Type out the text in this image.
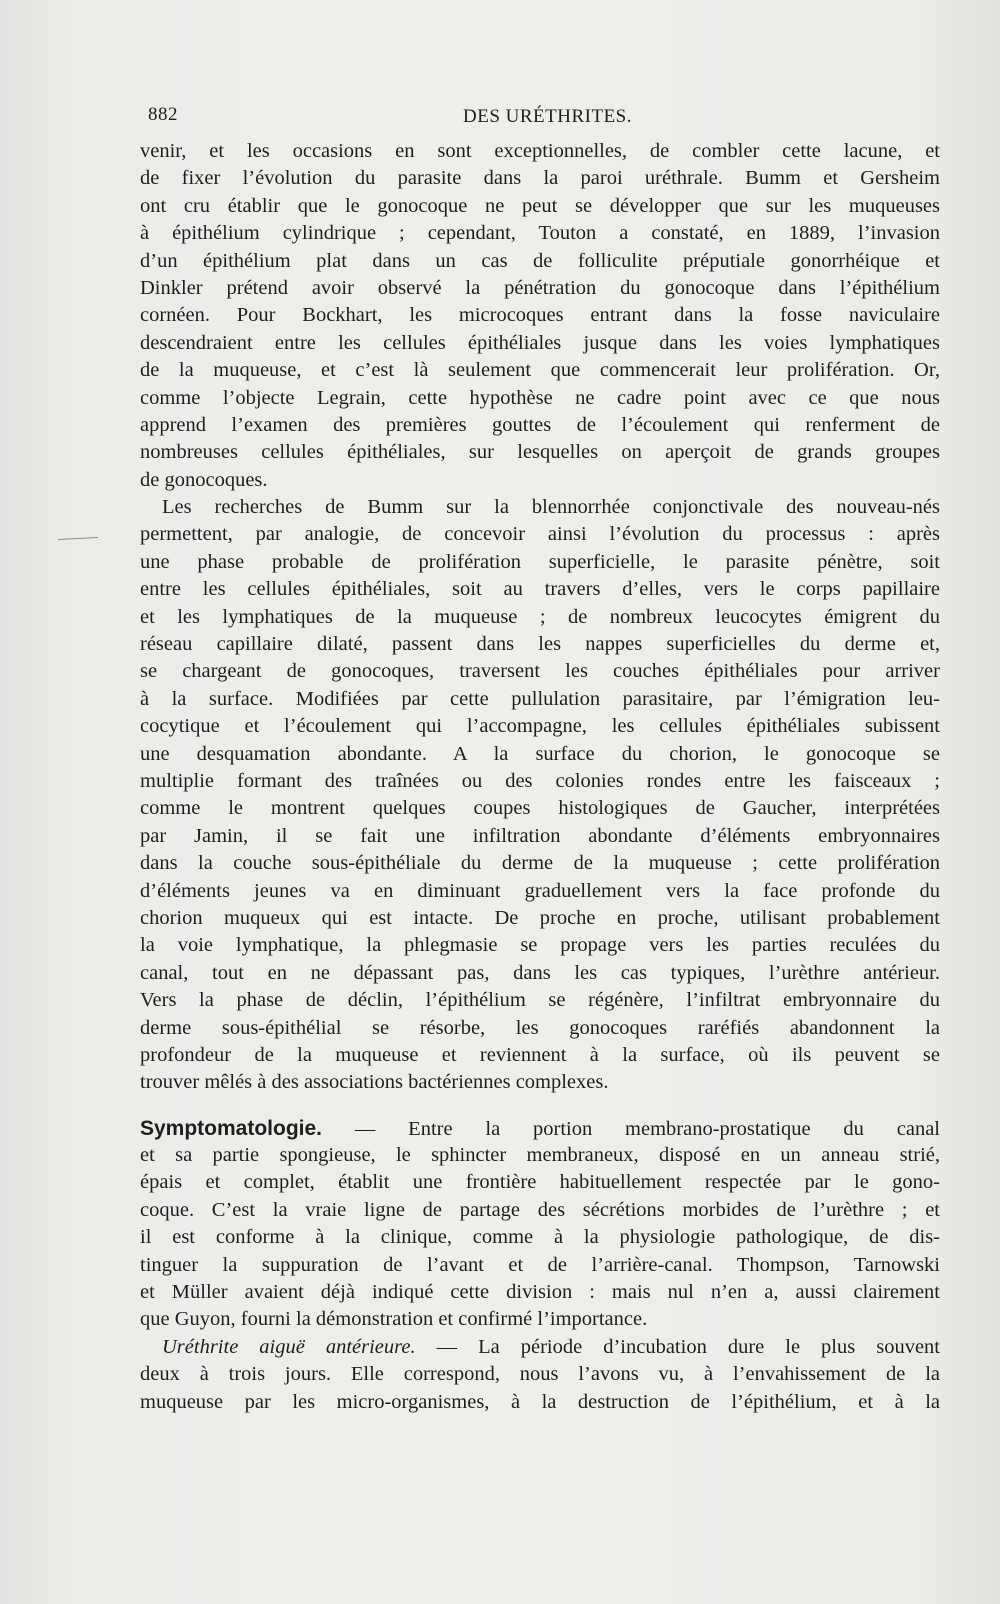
882	DES URÉTHRITES.
venir, et les occasions en sont exceptionnelles, de combler cette lacune, et
de fixer l’évolution du parasite dans la paroi uréthrale. Bumm et Gersheim
ont cru établir que le gonocoque ne peut se développer que sur les muqueuses
à épithélium cylindrique ; cependant, Touton a constaté, en 1889, l’invasion
d’un épithélium plat dans un cas de folliculite préputiale gonorrhéique et
Dinkler prétend avoir observé la pénétration du gonocoque dans l’épithélium
cornéen. Pour Bockhart, les microcoques entrant dans la fosse naviculaire
descendraient entre les cellules épithéliales jusque dans les voies lymphatiques
de la muqueuse, et c’est là seulement que commencerait leur prolifération. Or,
comme l’objecte Legrain, cette hypothèse ne cadre point avec ce que nous
apprend l’examen des premières gouttes de l’écoulement qui renferment de
nombreuses cellules épithéliales, sur lesquelles on aperçoit de grands groupes
de gonocoques.
Les recherches de Bumm sur la blennorrhée conjonctivale des nouveau-nés
permettent, par analogie, de concevoir ainsi l’évolution du processus : après
une phase probable de prolifération superficielle, le parasite pénètre, soit
entre les cellules épithéliales, soit au travers d’elles, vers le corps papillaire
et les lymphatiques de la muqueuse ; de nombreux leucocytes émigrent du
réseau capillaire dilaté, passent dans les nappes superficielles du derme et,
se chargeant de gonocoques, traversent les couches épithéliales pour arriver
à la surface. Modifiées par cette pullulation parasitaire, par l’émigration leu-
cocytique et l’écoulement qui l’accompagne, les cellules épithéliales subissent
une desquamation abondante. A la surface du chorion, le gonocoque se
multiplie formant des traînées ou des colonies rondes entre les faisceaux ;
comme le montrent quelques coupes histologiques de Gaucher, interprétées
par Jamin, il se fait une infiltration abondante d’éléments embryonnaires
dans la couche sous-épithéliale du derme de la muqueuse ; cette prolifération
d’éléments jeunes va en diminuant graduellement vers la face profonde du
chorion muqueux qui est intacte. De proche en proche, utilisant probablement
la voie lymphatique, la phlegmasie se propage vers les parties reculées du
canal, tout en ne dépassant pas, dans les cas typiques, l’urèthre antérieur.
Vers la phase de déclin, l’épithélium se régénère, l’infiltrat embryonnaire du
derme sous-épithélial se résorbe, les gonocoques raréfiés abandonnent la
profondeur de la muqueuse et reviennent à la surface, où ils peuvent se
trouver mêlés à des associations bactériennes complexes.
Symptomatologie. — Entre la portion membrano-prostatique du canal
et sa partie spongieuse, le sphincter membraneux, disposé en un anneau strié,
épais et complet, établit une frontière habituellement respectée par le gono-
coque. C’est la vraie ligne de partage des sécrétions morbides de l’urèthre ; et
il est conforme à la clinique, comme à la physiologie pathologique, de dis-
tinguer la suppuration de l’avant et de l’arrière-canal. Thompson, Tarnowski
et Müller avaient déjà indiqué cette division : mais nul n’en a, aussi clairement
que Guyon, fourni la démonstration et confirmé l’importance.
Uréthrite aiguë antérieure. — La période d’incubation dure le plus souvent
deux à trois jours. Elle correspond, nous l’avons vu, à l’envahissement de la
muqueuse par les micro-organismes, à la destruction de l’épithélium, et à la
